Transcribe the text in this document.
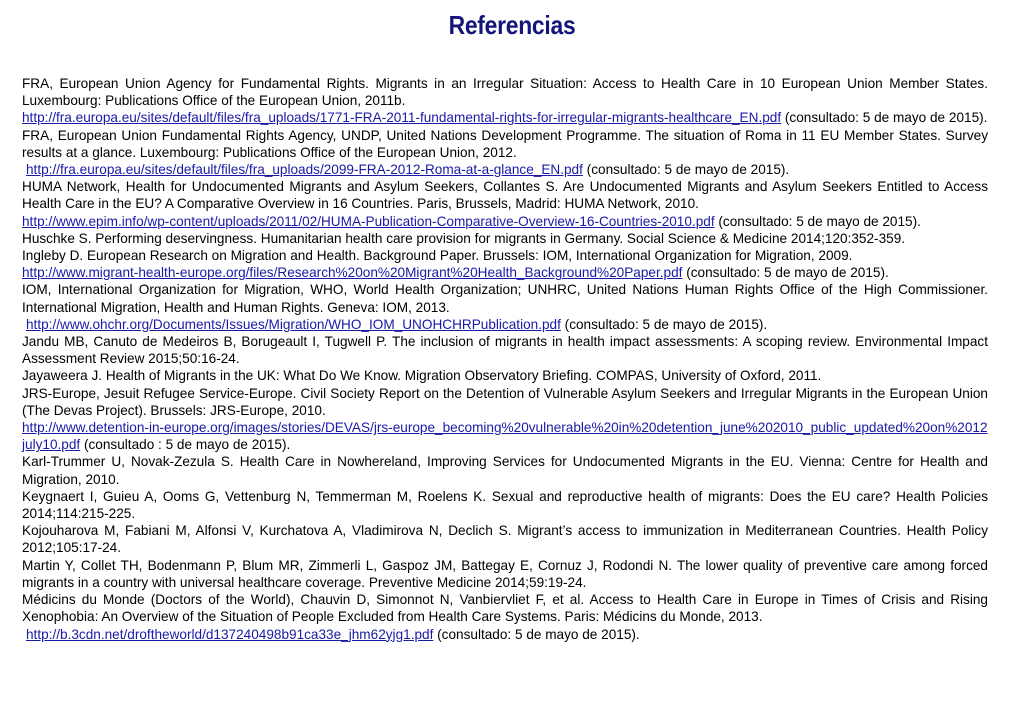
Referencias
FRA, European Union Agency for Fundamental Rights. Migrants in an Irregular Situation: Access to Health Care in 10 European Union Member States. Luxembourg: Publications Office of the European Union, 2011b.
http://fra.europa.eu/sites/default/files/fra_uploads/1771-FRA-2011-fundamental-rights-for-irregular-migrants-healthcare_EN.pdf (consultado: 5 de mayo de 2015).
FRA, European Union Fundamental Rights Agency, UNDP, United Nations Development Programme. The situation of Roma in 11 EU Member States. Survey results at a glance. Luxembourg: Publications Office of the European Union, 2012.
http://fra.europa.eu/sites/default/files/fra_uploads/2099-FRA-2012-Roma-at-a-glance_EN.pdf (consultado: 5 de mayo de 2015).
HUMA Network, Health for Undocumented Migrants and Asylum Seekers, Collantes S. Are Undocumented Migrants and Asylum Seekers Entitled to Access Health Care in the EU? A Comparative Overview in 16 Countries. Paris, Brussels, Madrid: HUMA Network, 2010.
http://www.epim.info/wp-content/uploads/2011/02/HUMA-Publication-Comparative-Overview-16-Countries-2010.pdf (consultado: 5 de mayo de 2015).
Huschke S. Performing deservingness. Humanitarian health care provision for migrants in Germany. Social Science & Medicine 2014;120:352-359.
Ingleby D. European Research on Migration and Health. Background Paper. Brussels: IOM, International Organization for Migration, 2009.
http://www.migrant-health-europe.org/files/Research%20on%20Migrant%20Health_Background%20Paper.pdf (consultado: 5 de mayo de 2015).
IOM, International Organization for Migration, WHO, World Health Organization; UNHRC, United Nations Human Rights Office of the High Commissioner. International Migration, Health and Human Rights. Geneva: IOM, 2013.
http://www.ohchr.org/Documents/Issues/Migration/WHO_IOM_UNOHCHRPublication.pdf (consultado: 5 de mayo de 2015).
Jandu MB, Canuto de Medeiros B, Borugeault I, Tugwell P. The inclusion of migrants in health impact assessments: A scoping review. Environmental Impact Assessment Review 2015;50:16-24.
Jayaweera J. Health of Migrants in the UK: What Do We Know. Migration Observatory Briefing. COMPAS, University of Oxford, 2011.
JRS-Europe, Jesuit Refugee Service-Europe. Civil Society Report on the Detention of Vulnerable Asylum Seekers and Irregular Migrants in the European Union (The Devas Project). Brussels: JRS-Europe, 2010.
http://www.detention-in-europe.org/images/stories/DEVAS/jrs-europe_becoming%20vulnerable%20in%20detention_june%202010_public_updated%20on%2012july10.pdf (consultado : 5 de mayo de 2015).
Karl-Trummer U, Novak-Zezula S. Health Care in Nowhereland, Improving Services for Undocumented Migrants in the EU. Vienna: Centre for Health and Migration, 2010.
Keygnaert I, Guieu A, Ooms G, Vettenburg N, Temmerman M, Roelens K. Sexual and reproductive health of migrants: Does the EU care? Health Policies 2014;114:215-225.
Kojouharova M, Fabiani M, Alfonsi V, Kurchatova A, Vladimirova N, Declich S. Migrant’s access to immunization in Mediterranean Countries. Health Policy 2012;105:17-24.
Martin Y, Collet TH, Bodenmann P, Blum MR, Zimmerli L, Gaspoz JM, Battegay E, Cornuz J, Rodondi N. The lower quality of preventive care among forced migrants in a country with universal healthcare coverage. Preventive Medicine 2014;59:19-24.
Médicins du Monde (Doctors of the World), Chauvin D, Simonnot N, Vanbiervliet F, et al. Access to Health Care in Europe in Times of Crisis and Rising Xenophobia: An Overview of the Situation of People Excluded from Health Care Systems. Paris: Médicins du Monde, 2013.
http://b.3cdn.net/droftheworld/d137240498b91ca33e_jhm62yjg1.pdf (consultado: 5 de mayo de 2015).
